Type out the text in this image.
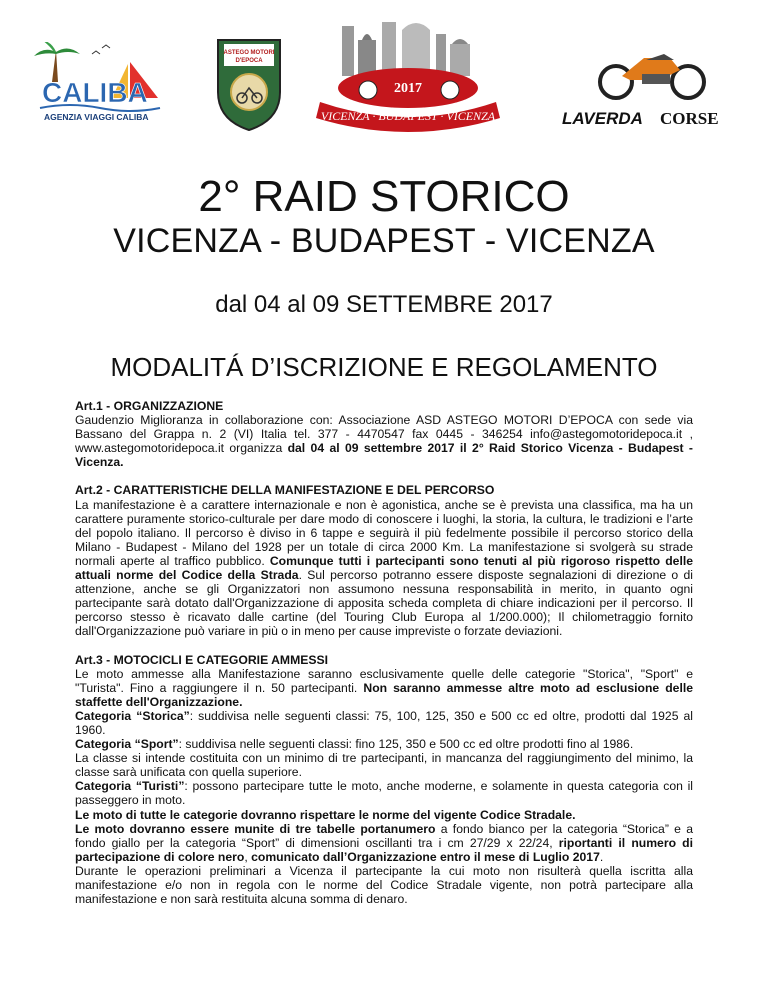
CALIBA
AGENZIA VIAGGI CALIBA
ASTEGO MOTORI
D'EPOCA
2017
VICENZA · BUDAPEST · VICENZA	LAVERDA CORSE
2° RAID STORICO
VICENZA - BUDAPEST - VICENZA
dal 04 al 09 SETTEMBRE 2017
MODALITÁ D’ISCRIZIONE E REGOLAMENTO
Art.1 - ORGANIZZAZIONE

Gaudenzio Miglioranza in collaborazione con: Associazione ASD ASTEGO MOTORI D’EPOCA con sede via Bassano del Grappa n. 2 (VI) Italia tel. 377 - 4470547 fax 0445 - 346254 info@astegomotoridepoca.it , www.astegomotoridepoca.it organizza dal 04 al 09 settembre 2017 il 2° Raid Storico Vicenza - Budapest - Vicenza.

Art.2 - CARATTERISTICHE DELLA MANIFESTAZIONE E DEL PERCORSO

La manifestazione è a carattere internazionale e non è agonistica, anche se è prevista una classifica, ma ha un carattere puramente storico-culturale per dare modo di conoscere i luoghi, la storia, la cultura, le tradizioni e l’arte del popolo italiano. Il percorso è diviso in 6 tappe e seguirà il più fedelmente possibile il percorso storico della Milano - Budapest - Milano del 1928 per un totale di circa 2000 Km. La manifestazione si svolgerà su strade normali aperte al traffico pubblico. Comunque tutti i partecipanti sono tenuti al più rigoroso rispetto delle attuali norme del Codice della Strada. Sul percorso potranno essere disposte segnalazioni di direzione o di attenzione, anche se gli Organizzatori non assumono nessuna responsabilità in merito, in quanto ogni partecipante sarà dotato dall'Organizzazione di apposita scheda completa di chiare indicazioni per il percorso. Il percorso stesso è ricavato dalle cartine (del Touring Club Europa al 1/200.000); Il chilometraggio fornito dall'Organizzazione può variare in più o in meno per cause impreviste o forzate deviazioni.

Art.3 - MOTOCICLI E CATEGORIE AMMESSI

Le moto ammesse alla Manifestazione saranno esclusivamente quelle delle categorie "Storica", "Sport" e "Turista". Fino a raggiungere il n. 50 partecipanti. Non saranno ammesse altre moto ad esclusione delle staffette dell'Organizzazione.

Categoria “Storica”: suddivisa nelle seguenti classi: 75, 100, 125, 350 e 500 cc ed oltre, prodotti dal 1925 al 1960.

Categoria “Sport”: suddivisa nelle seguenti classi: fino 125, 350 e 500 cc ed oltre prodotti fino al 1986.

La classe si intende costituita con un minimo di tre partecipanti, in mancanza del raggiungimento del minimo, la classe sarà unificata con quella superiore.

Categoria “Turisti”: possono partecipare tutte le moto, anche moderne, e solamente in questa categoria con il passeggero in moto.

Le moto di tutte le categorie dovranno rispettare le norme del vigente Codice Stradale.

Le moto dovranno essere munite di tre tabelle portanumero a fondo bianco per la categoria “Storica” e a fondo giallo per la categoria “Sport” di dimensioni oscillanti tra i cm 27/29 x 22/24, riportanti il numero di partecipazione di colore nero, comunicato dall’Organizzazione entro il mese di Luglio 2017.

Durante le operazioni preliminari a Vicenza il partecipante la cui moto non risulterà quella iscritta alla manifestazione e/o non in regola con le norme del Codice Stradale vigente, non potrà partecipare alla manifestazione e non sarà restituita alcuna somma di denaro.
